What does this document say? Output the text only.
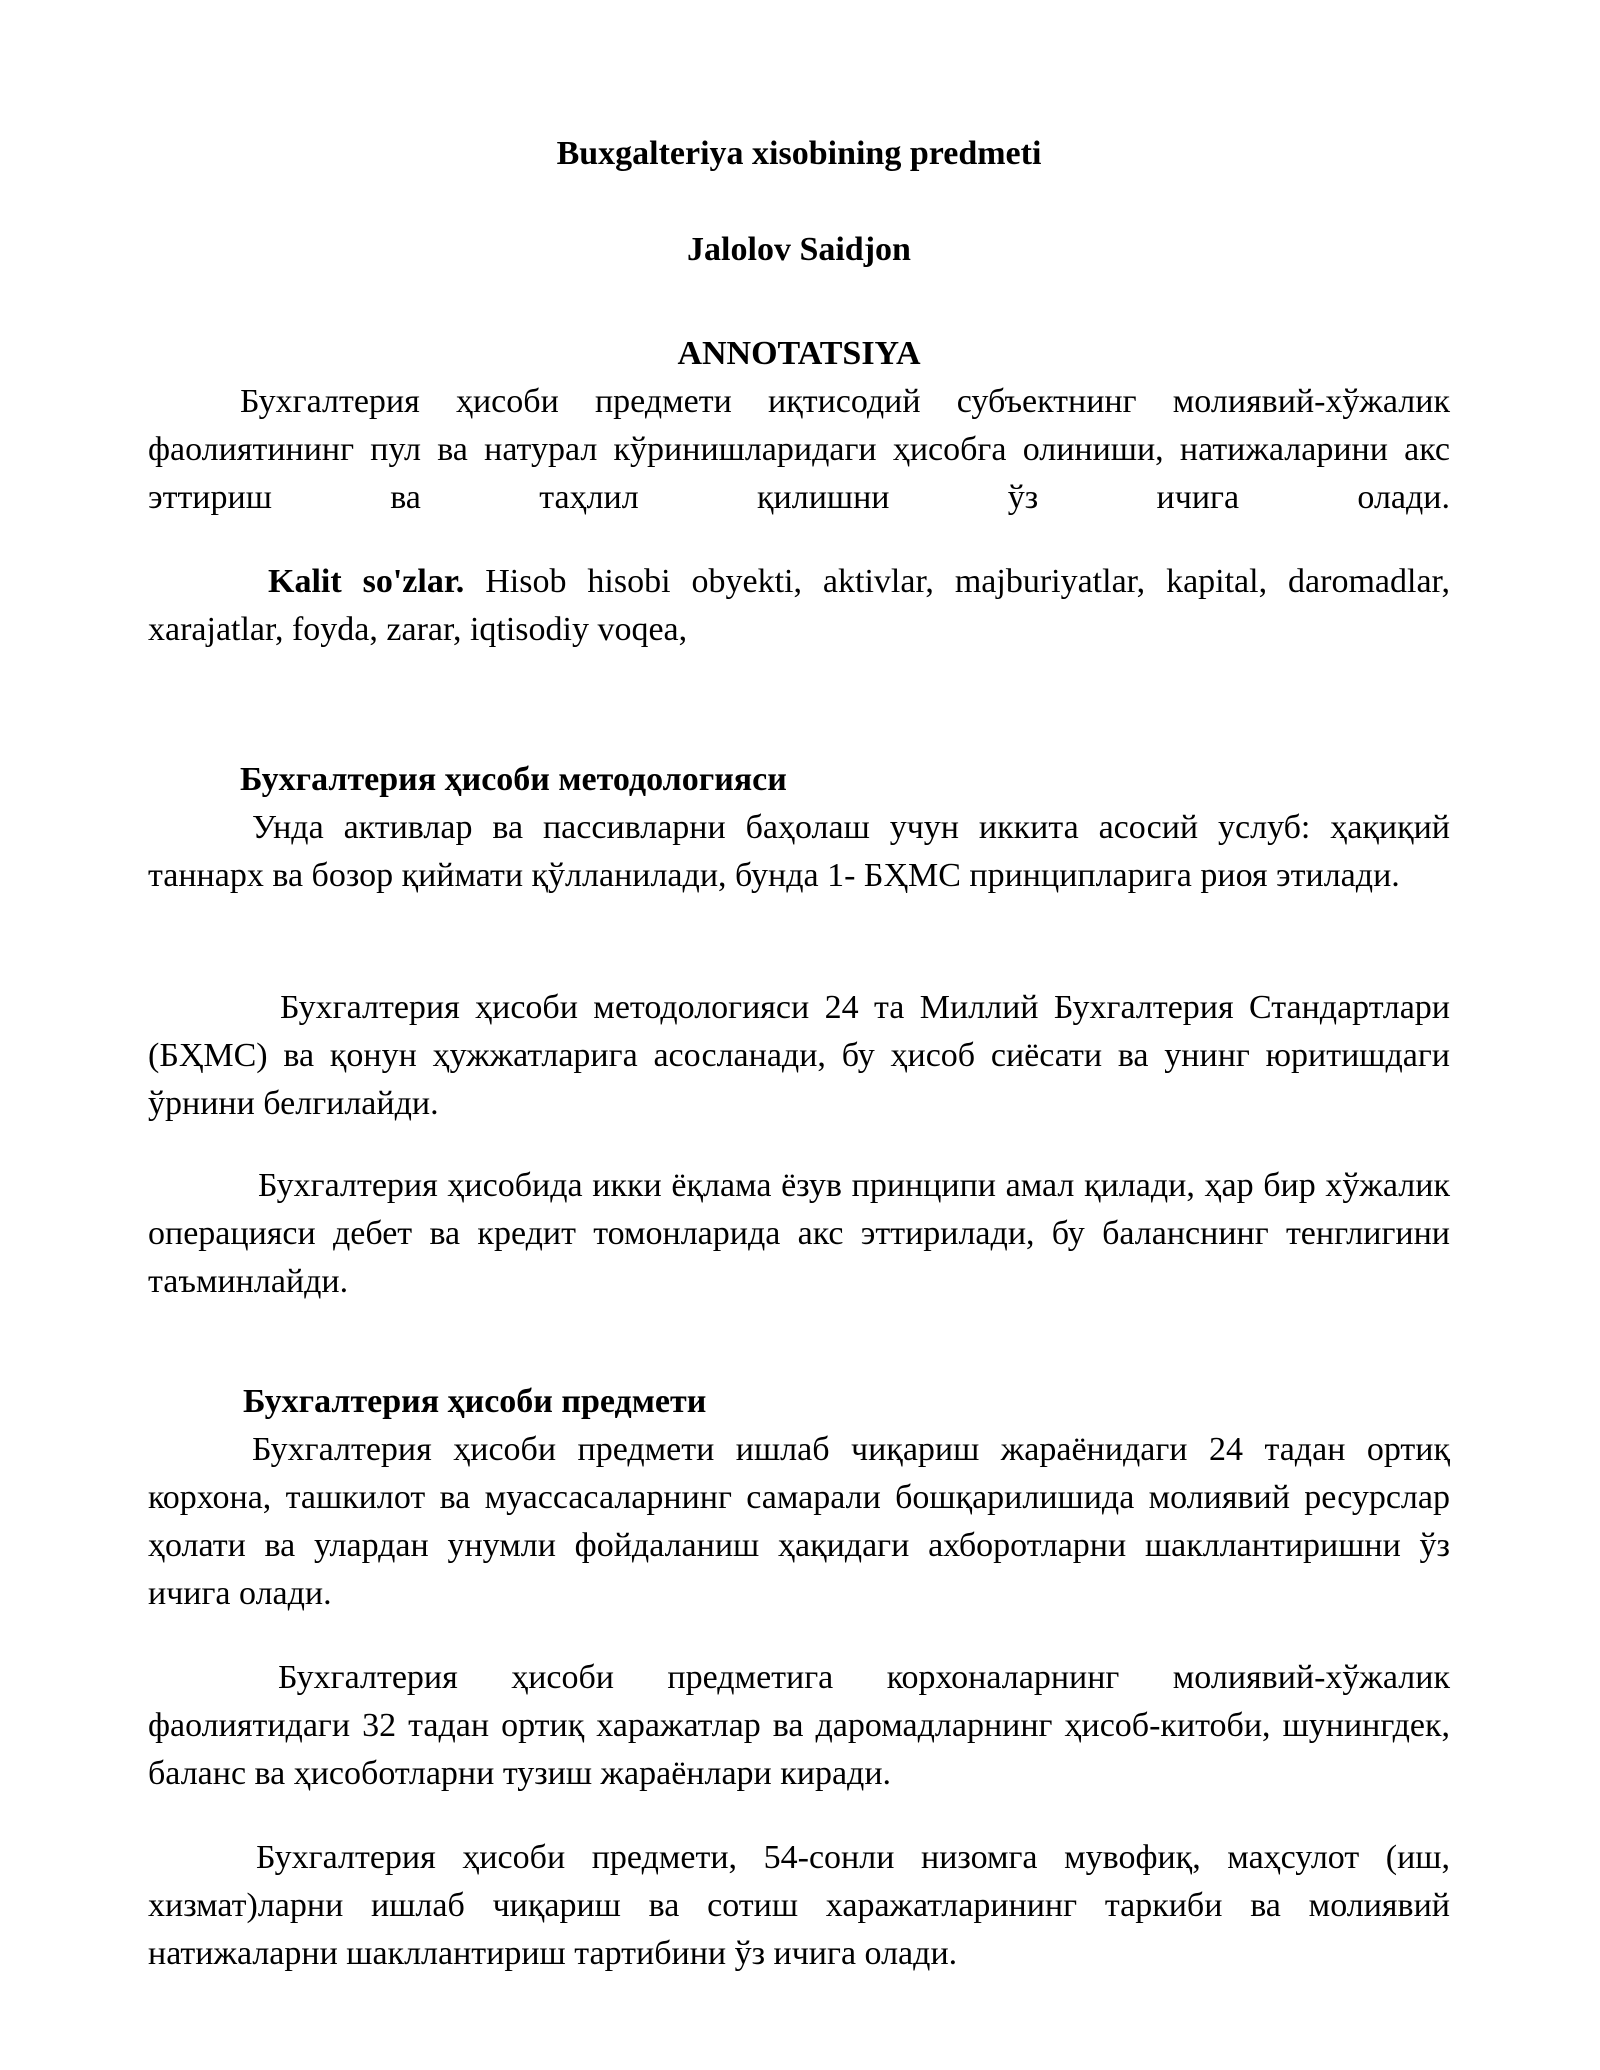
Buxgalteriya xisobining predmeti
Jalolov Saidjon
ANNOTATSIYA

Бухгалтерия ҳисоби предмети иқтисодий субъектнинг молиявий-хўжалик фаолиятининг пул ва натурал кўринишларидаги ҳисобга олиниши, натижаларини акс эттириш ва таҳлил қилишни ўз ичига олади.

Kalit so'zlar. Hisob hisobi obyekti, aktivlar, majburiyatlar, kapital, daromadlar, xarajatlar, foyda, zarar, iqtisodiy voqea,

Бухгалтерия ҳисоби методологияси

Унда активлар ва пассивларни баҳолаш учун иккита асосий услуб: ҳақиқий таннарх ва бозор қиймати қўлланилади, бунда 1- БҲМС принципларига риоя этилади.

Бухгалтерия ҳисоби методологияси 24 та Миллий Бухгалтерия Стандартлари (БҲМС) ва қонун ҳужжатларига асосланади, бу ҳисоб сиёсати ва унинг юритишдаги ўрнини белгилайди.

Бухгалтерия ҳисобида икки ёқлама ёзув принципи амал қилади, ҳар бир хўжалик операцияси дебет ва кредит томонларида акс эттирилади, бу баланснинг тенглигини таъминлайди.

Бухгалтерия ҳисоби предмети

Бухгалтерия ҳисоби предмети ишлаб чиқариш жараёнидаги 24 тадан ортиқ корхона, ташкилот ва муассасаларнинг самарали бошқарилишида молиявий ресурслар ҳолати ва улардан унумли фойдаланиш ҳақидаги ахборотларни шакллантиришни ўз ичига олади.

Бухгалтерия ҳисоби предметига корхоналарнинг молиявий-хўжалик фаолиятидаги 32 тадан ортиқ харажатлар ва даромадларнинг ҳисоб-китоби, шунингдек, баланс ва ҳисоботларни тузиш жараёнлари киради.

Бухгалтерия ҳисоби предмети, 54-сонли низомга мувофиқ, маҳсулот (иш, хизмат)ларни ишлаб чиқариш ва сотиш харажатларининг таркиби ва молиявий натижаларни шакллантириш тартибини ўз ичига олади.
